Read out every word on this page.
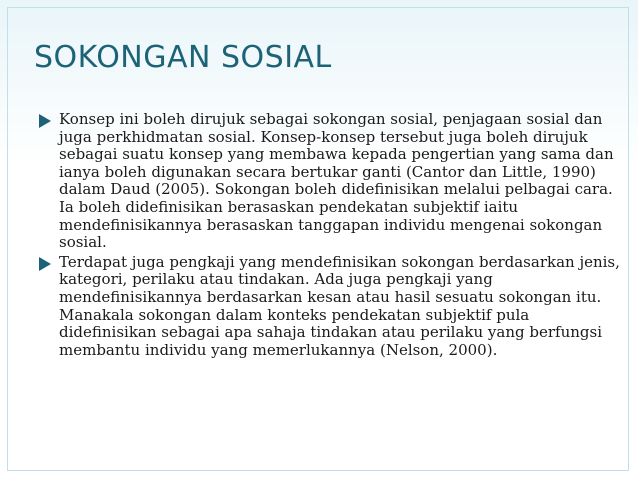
SOKONGAN SOSIAL
Konsep ini boleh dirujuk sebagai sokongan sosial, penjagaan sosial dan juga perkhidmatan sosial. Konsep-konsep tersebut juga boleh dirujuk sebagai suatu konsep yang membawa kepada pengertian yang sama dan ianya boleh digunakan secara bertukar ganti (Cantor dan Little, 1990) dalam Daud (2005). Sokongan boleh didefinisikan melalui pelbagai cara. Ia boleh didefinisikan berasaskan pendekatan subjektif iaitu mendefinisikannya berasaskan tanggapan individu mengenai sokongan sosial.
Terdapat juga pengkaji yang mendefinisikan sokongan berdasarkan jenis, kategori, perilaku atau tindakan. Ada juga pengkaji yang mendefinisikannya berdasarkan kesan atau hasil sesuatu sokongan itu. Manakala sokongan dalam konteks pendekatan subjektif pula didefinisikan sebagai apa sahaja tindakan atau perilaku yang berfungsi membantu individu yang memerlukannya (Nelson, 2000).
